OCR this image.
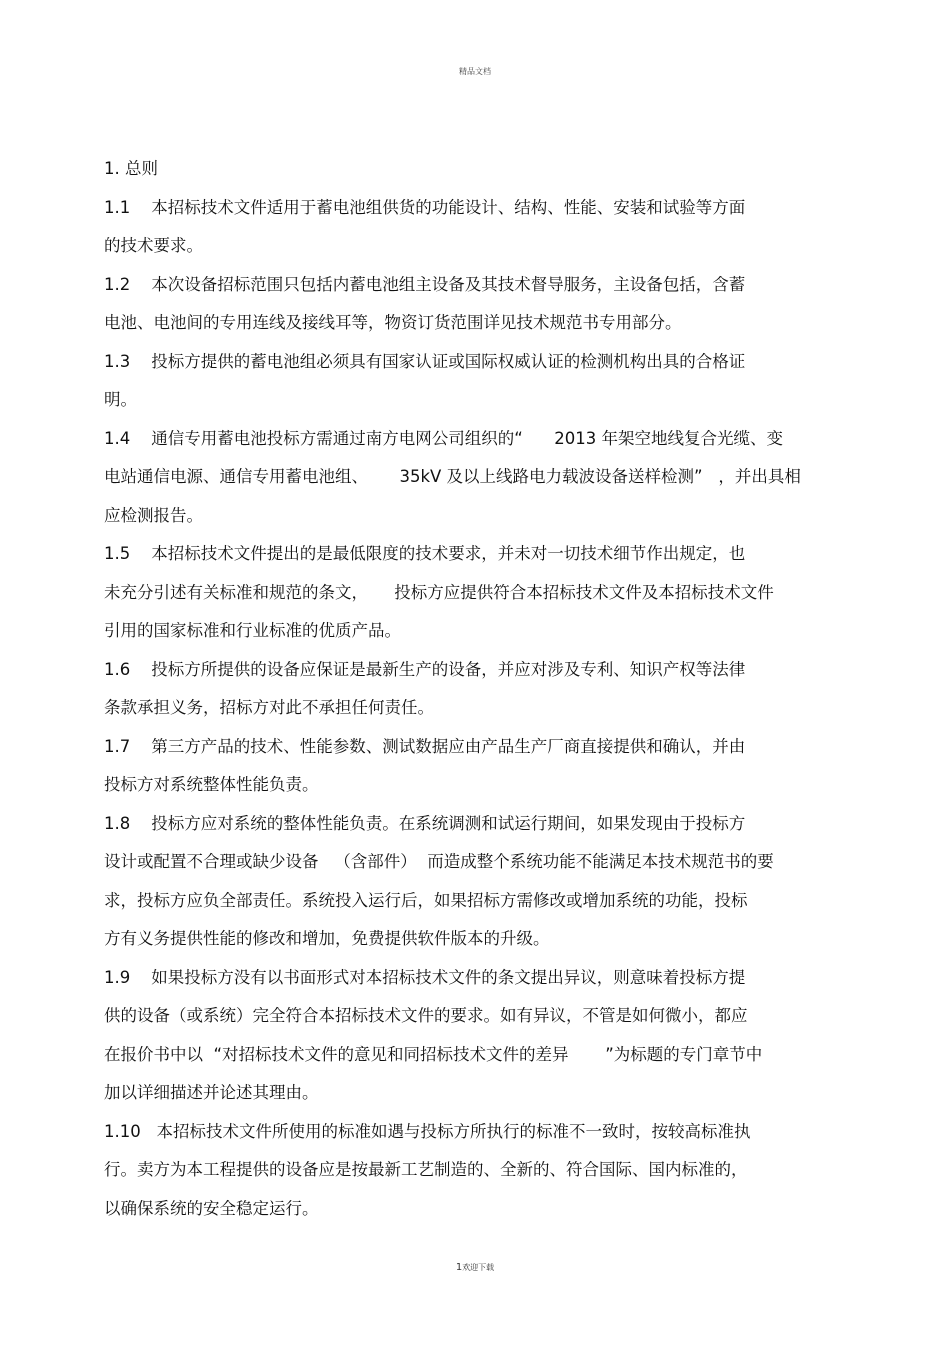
精品文档
1. 总则
1.1    本招标技术文件适用于蓄电池组供货的功能设计、结构、性能、安装和试验等方面
的技术要求。
1.2    本次设备招标范围只包括内蓄电池组主设备及其技术督导服务，主设备包括，含蓄
电池、电池间的专用连线及接线耳等，物资订货范围详见技术规范书专用部分。
1.3    投标方提供的蓄电池组必须具有国家认证或国际权威认证的检测机构出具的合格证
明。
1.4    通信专用蓄电池投标方需通过南方电网公司组织的“      2013 年架空地线复合光缆、变
电站通信电源、通信专用蓄电池组、      35kV 及以上线路电力载波设备送样检测”   ，并出具相
应检测报告。
1.5    本招标技术文件提出的是最低限度的技术要求，并未对一切技术细节作出规定，也
未充分引述有关标准和规范的条文，     投标方应提供符合本招标技术文件及本招标技术文件
引用的国家标准和行业标准的优质产品。
1.6    投标方所提供的设备应保证是最新生产的设备，并应对涉及专利、知识产权等法律
条款承担义务，招标方对此不承担任何责任。
1.7    第三方产品的技术、性能参数、测试数据应由产品生产厂商直接提供和确认，并由
投标方对系统整体性能负责。
1.8    投标方应对系统的整体性能负责。在系统调测和试运行期间，如果发现由于投标方
设计或配置不合理或缺少设备   （含部件）  而造成整个系统功能不能满足本技术规范书的要
求，投标方应负全部责任。系统投入运行后，如果招标方需修改或增加系统的功能，投标
方有义务提供性能的修改和增加，免费提供软件版本的升级。
1.9    如果投标方没有以书面形式对本招标技术文件的条文提出异议，则意味着投标方提
供的设备（或系统）完全符合本招标技术文件的要求。如有异议，不管是如何微小，都应
在报价书中以  “对招标技术文件的意见和同招标技术文件的差异       ”为标题的专门章节中
加以详细描述并论述其理由。
1.10   本招标技术文件所使用的标准如遇与投标方所执行的标准不一致时，按较高标准执
行。卖方为本工程提供的设备应是按最新工艺制造的、全新的、符合国际、国内标准的，
以确保系统的安全稳定运行。
1欢迎下载
